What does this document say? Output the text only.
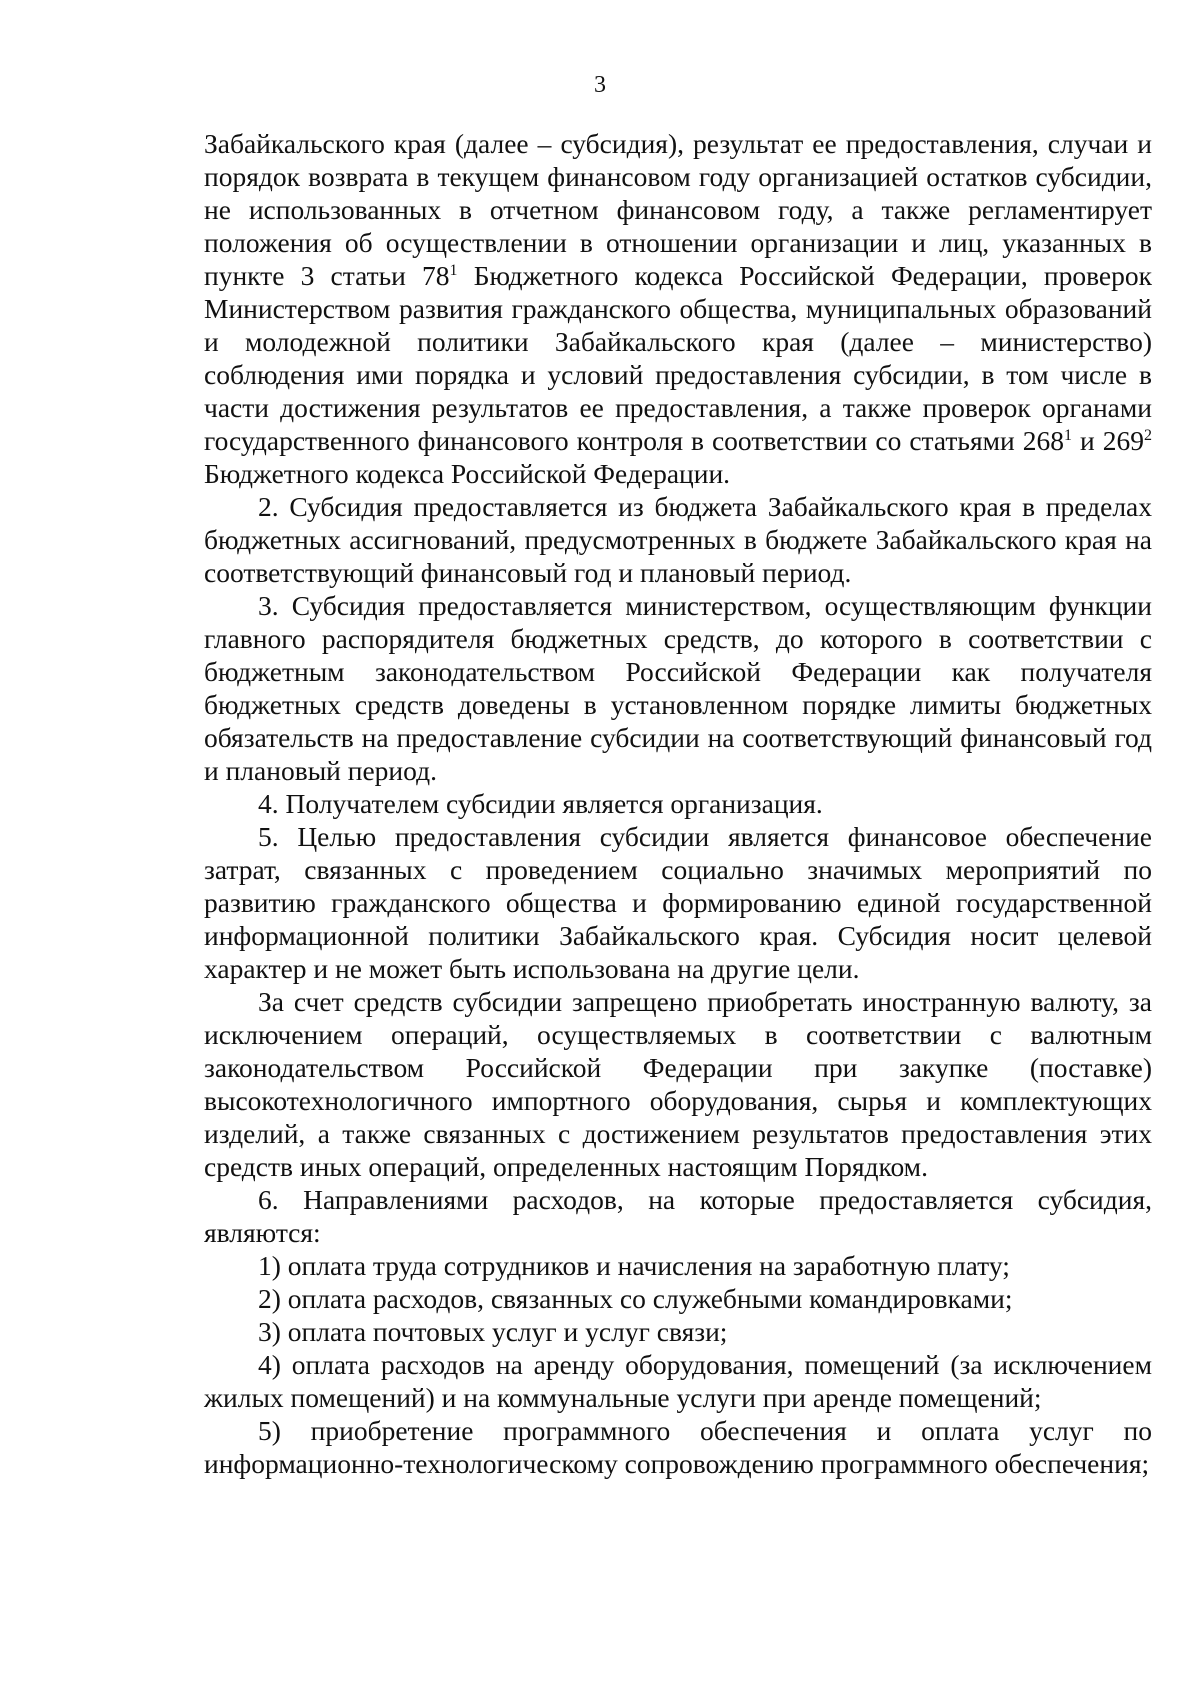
3

Забайкальского края (далее – субсидия), результат ее предоставления, случаи и порядок возврата в текущем финансовом году организацией остатков субсидии, не использованных в отчетном финансовом году, а также регламентирует положения об осуществлении в отношении организации и лиц, указанных в пункте 3 статьи $78^1$ Бюджетного кодекса Российской Федерации, проверок Министерством развития гражданского общества, муниципальных образований и молодежной политики Забайкальского края (далее – министерство) соблюдения ими порядка и условий предоставления субсидии, в том числе в части достижения результатов ее предоставления, а также проверок органами государственного финансового контроля в соответствии со статьями $268^1$ и $269^2$ Бюджетного кодекса Российской Федерации.

2. Субсидия предоставляется из бюджета Забайкальского края в пределах бюджетных ассигнований, предусмотренных в бюджете Забайкальского края на соответствующий финансовый год и плановый период.

3. Субсидия предоставляется министерством, осуществляющим функции главного распорядителя бюджетных средств, до которого в соответствии с бюджетным законодательством Российской Федерации как получателя бюджетных средств доведены в установленном порядке лимиты бюджетных обязательств на предоставление субсидии на соответствующий финансовый год и плановый период.

4. Получателем субсидии является организация.

5. Целью предоставления субсидии является финансовое обеспечение затрат, связанных с проведением социально значимых мероприятий по развитию гражданского общества и формированию единой государственной информационной политики Забайкальского края. Субсидия носит целевой характер и не может быть использована на другие цели.

За счет средств субсидии запрещено приобретать иностранную валюту, за исключением операций, осуществляемых в соответствии с валютным законодательством Российской Федерации при закупке (поставке) высокотехнологичного импортного оборудования, сырья и комплектующих изделий, а также связанных с достижением результатов предоставления этих средств иных операций, определенных настоящим Порядком.

6. Направлениями расходов, на которые предоставляется субсидия, являются:

1) оплата труда сотрудников и начисления на заработную плату;

2) оплата расходов, связанных со служебными командировками;

3) оплата почтовых услуг и услуг связи;

4) оплата расходов на аренду оборудования, помещений (за исключением жилых помещений) и на коммунальные услуги при аренде помещений;

5) приобретение программного обеспечения и оплата услуг по информационно-технологическому сопровождению программного обеспечения;
